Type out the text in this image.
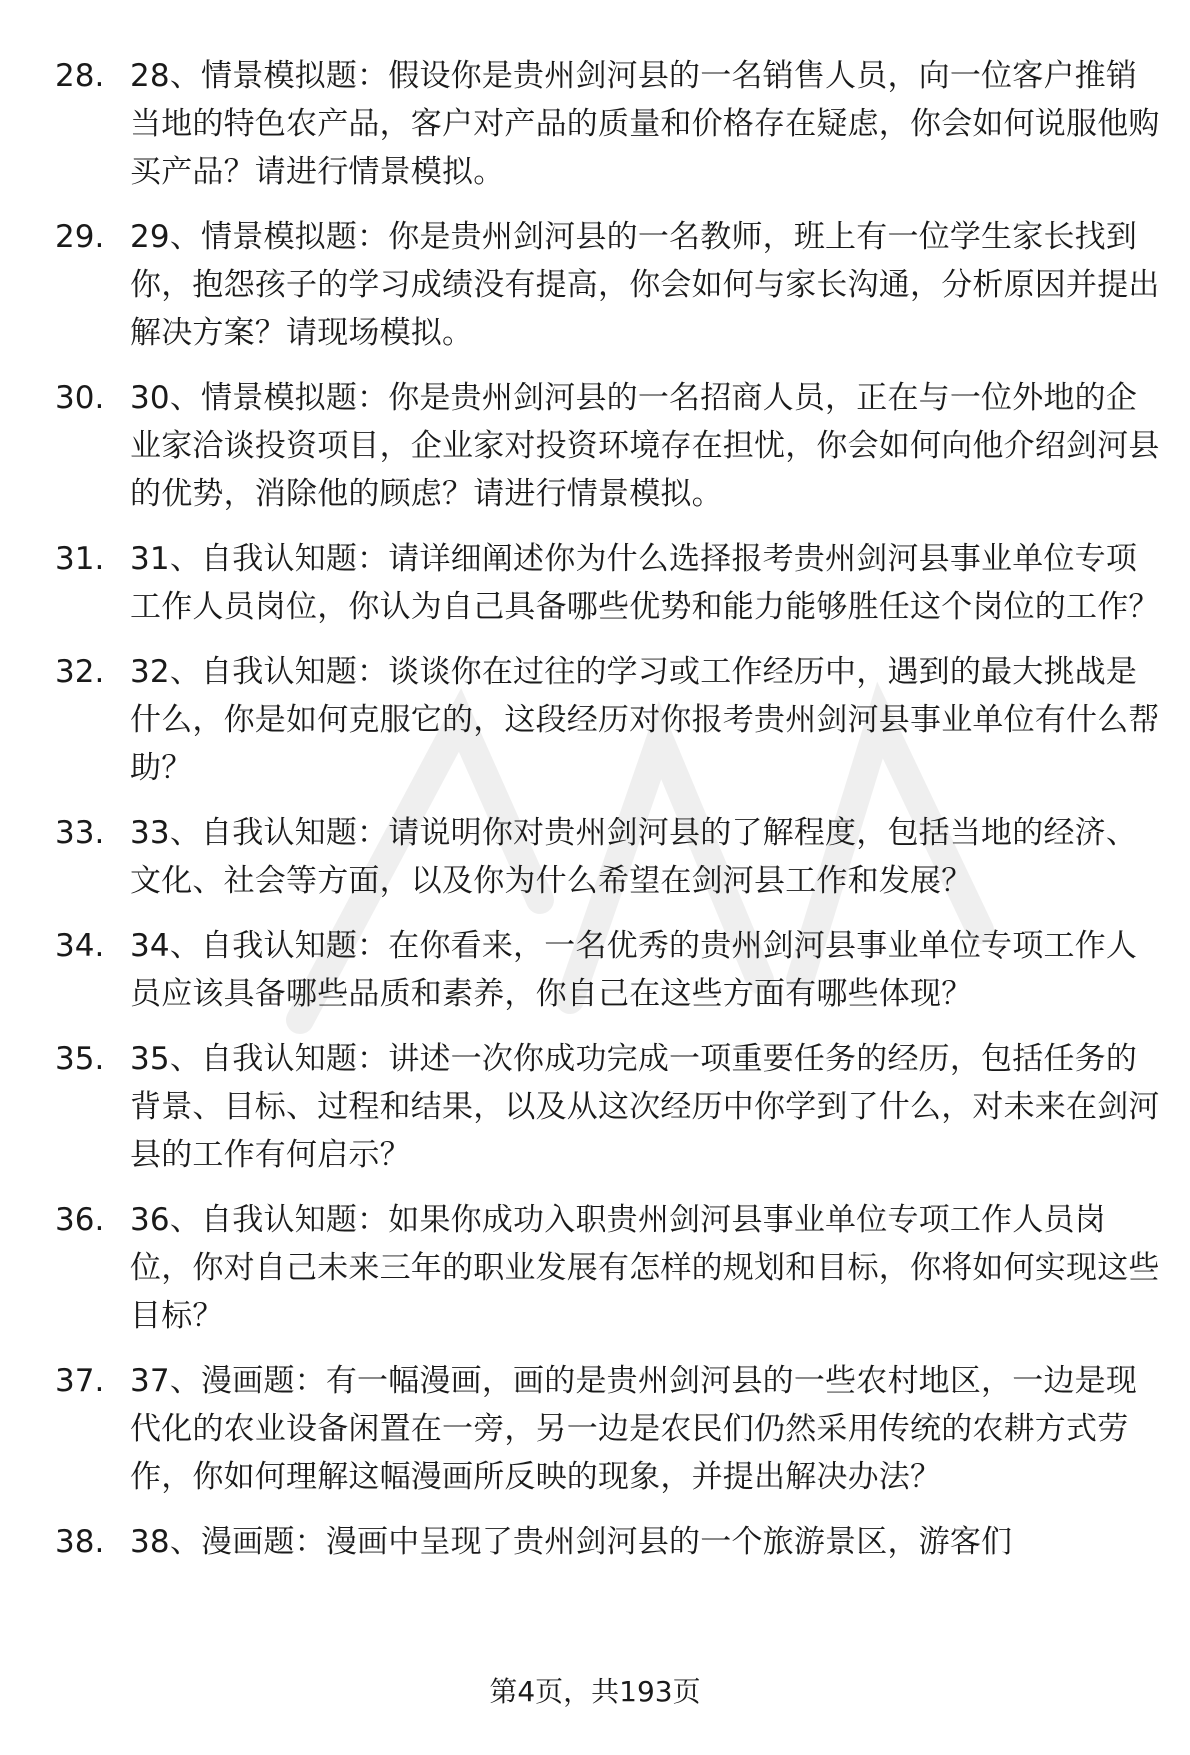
28. 28、情景模拟题：假设你是贵州剑河县的一名销售人员，向一位客户推销当地的特色农产品，客户对产品的质量和价格存在疑虑，你会如何说服他购买产品？请进行情景模拟。
29. 29、情景模拟题：你是贵州剑河县的一名教师，班上有一位学生家长找到你，抱怨孩子的学习成绩没有提高，你会如何与家长沟通，分析原因并提出解决方案？请现场模拟。
30. 30、情景模拟题：你是贵州剑河县的一名招商人员，正在与一位外地的企业家洽谈投资项目，企业家对投资环境存在担忧，你会如何向他介绍剑河县的优势，消除他的顾虑？请进行情景模拟。
31. 31、自我认知题：请详细阐述你为什么选择报考贵州剑河县事业单位专项工作人员岗位，你认为自己具备哪些优势和能力能够胜任这个岗位的工作？
32. 32、自我认知题：谈谈你在过往的学习或工作经历中，遇到的最大挑战是什么，你是如何克服它的，这段经历对你报考贵州剑河县事业单位有什么帮助？
33. 33、自我认知题：请说明你对贵州剑河县的了解程度，包括当地的经济、文化、社会等方面，以及你为什么希望在剑河县工作和发展？
34. 34、自我认知题：在你看来，一名优秀的贵州剑河县事业单位专项工作人员应该具备哪些品质和素养，你自己在这些方面有哪些体现？
35. 35、自我认知题：讲述一次你成功完成一项重要任务的经历，包括任务的背景、目标、过程和结果，以及从这次经历中你学到了什么，对未来在剑河县的工作有何启示？
36. 36、自我认知题：如果你成功入职贵州剑河县事业单位专项工作人员岗位，你对自己未来三年的职业发展有怎样的规划和目标，你将如何实现这些目标？
37. 37、漫画题：有一幅漫画，画的是贵州剑河县的一些农村地区，一边是现代化的农业设备闲置在一旁，另一边是农民们仍然采用传统的农耕方式劳作，你如何理解这幅漫画所反映的现象，并提出解决办法？
38. 38、漫画题：漫画中呈现了贵州剑河县的一个旅游景区，游客们
第4页，共193页
